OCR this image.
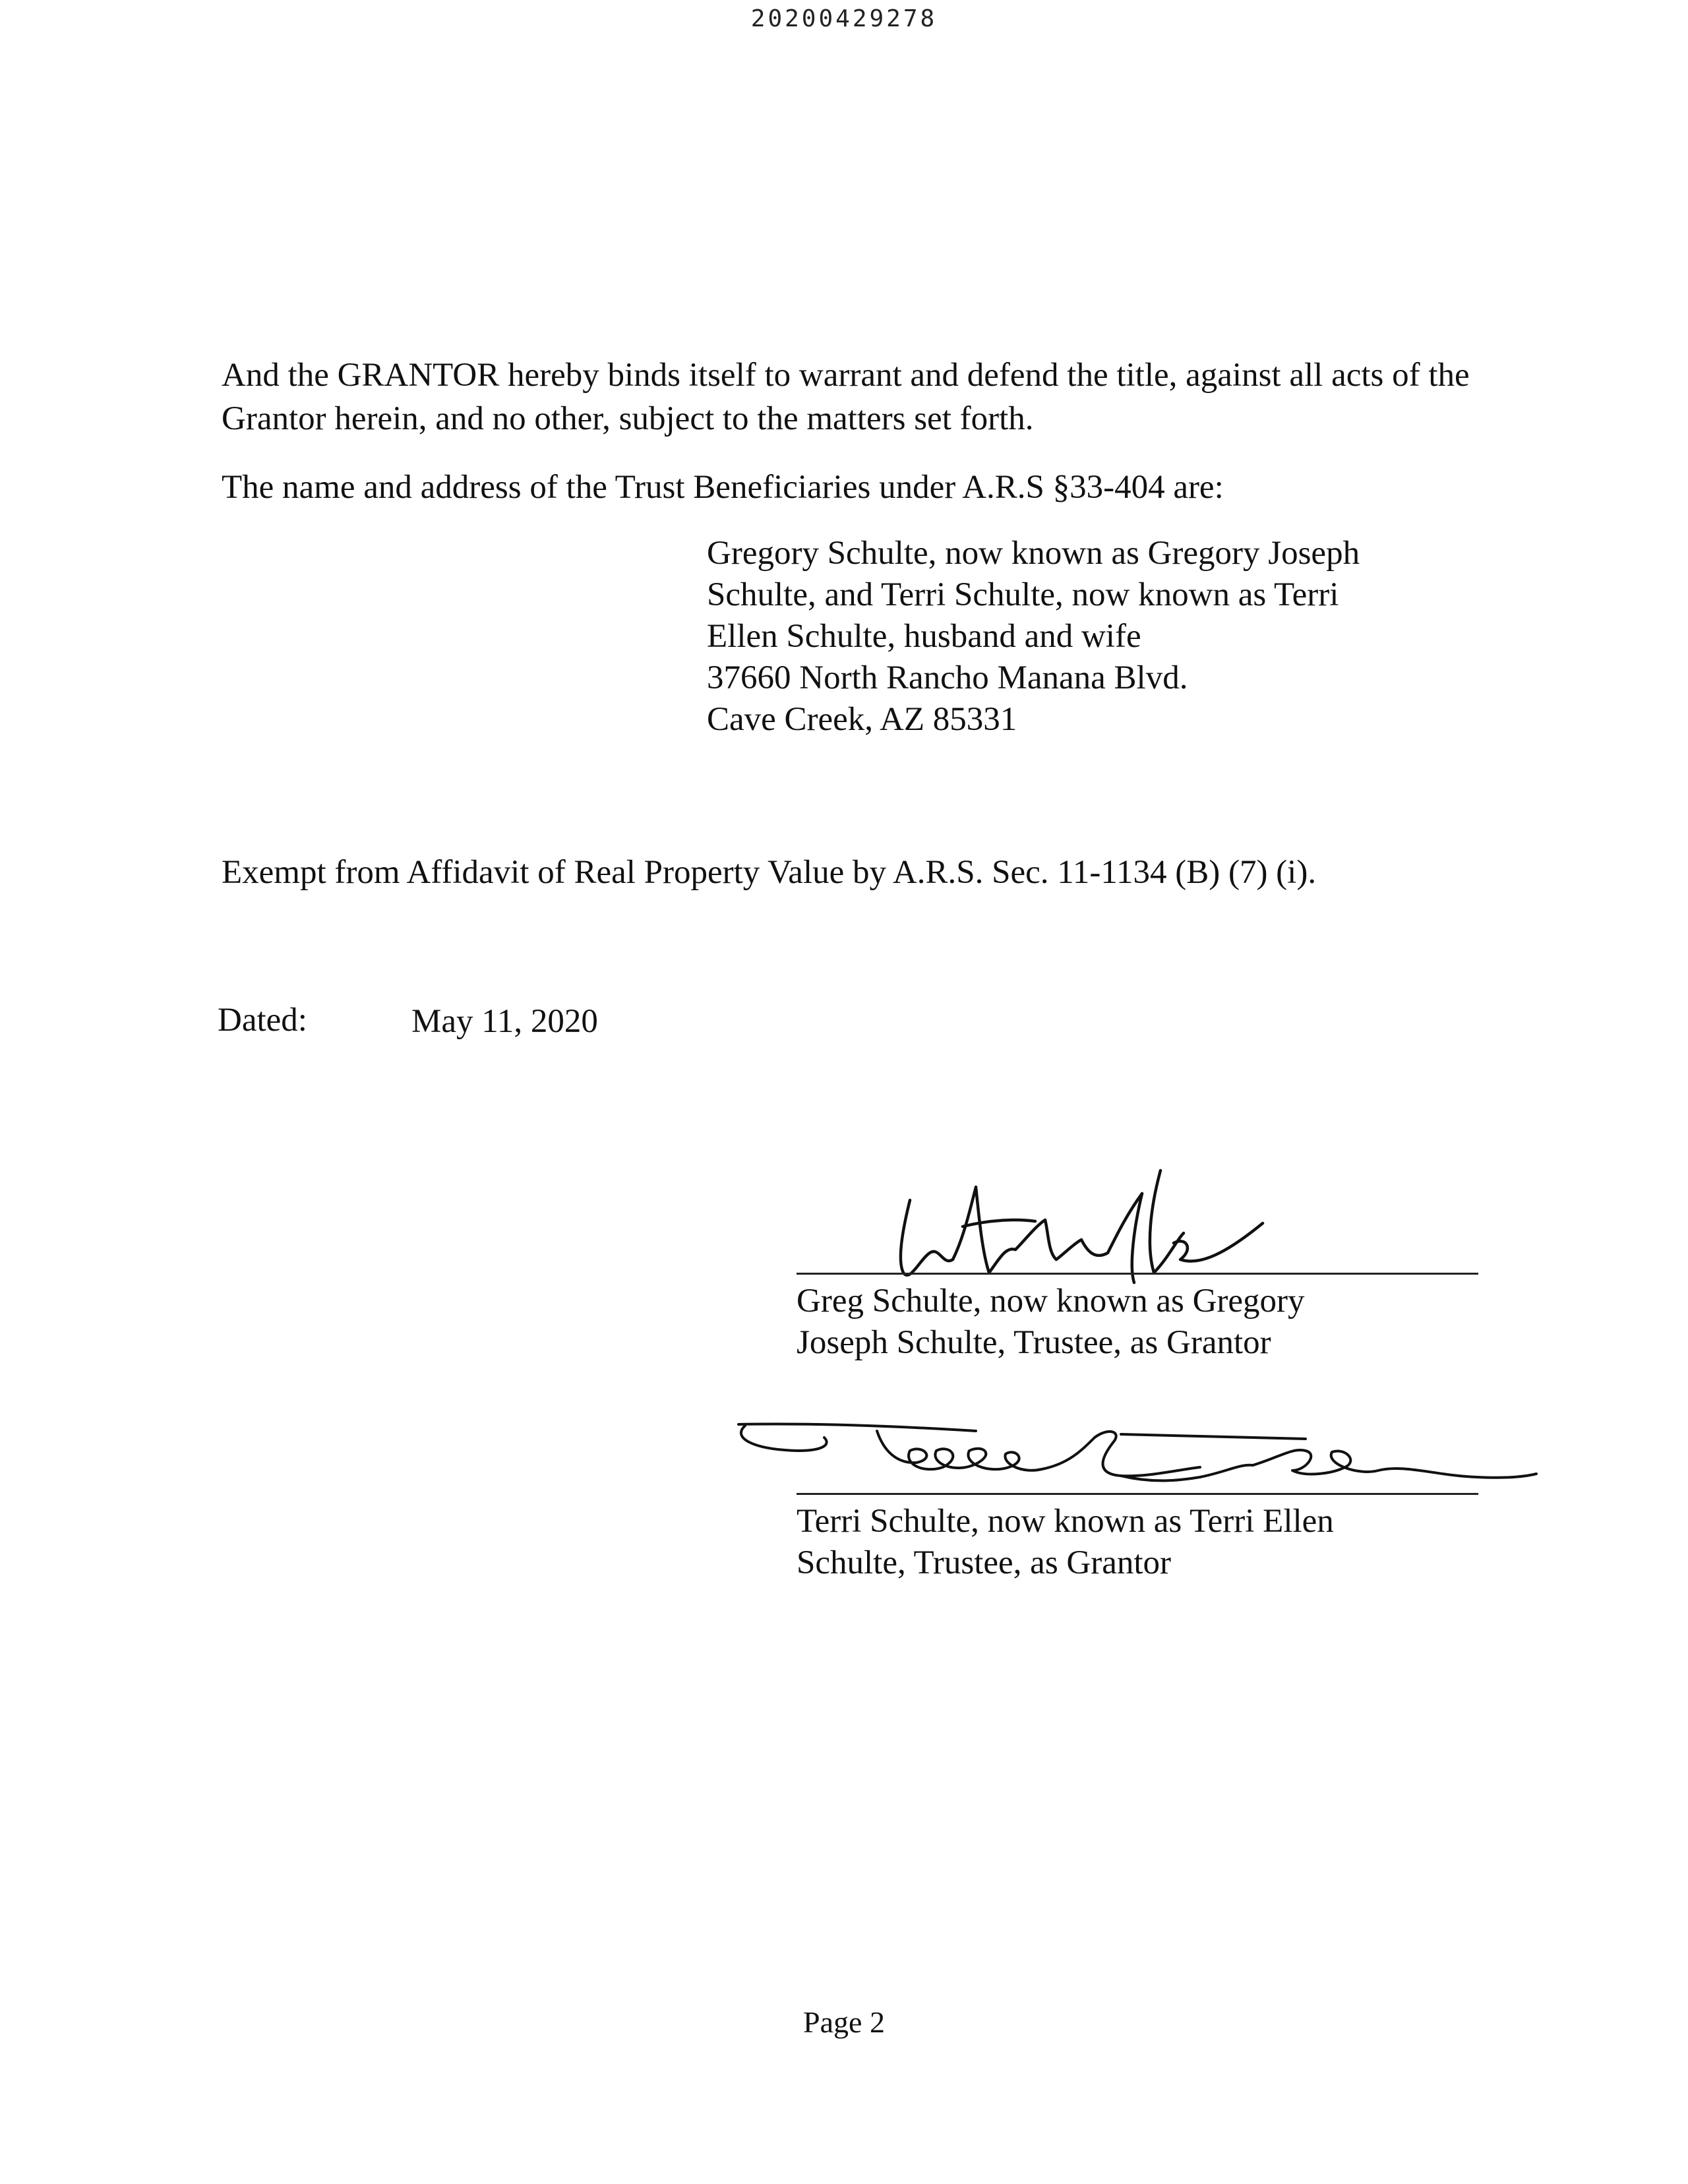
20200429278
And the GRANTOR hereby binds itself to warrant and defend the title, against all acts of the Grantor herein, and no other, subject to the matters set forth.
The name and address of the Trust Beneficiaries under A.R.S §33-404 are:
Gregory Schulte, now known as Gregory Joseph
Schulte, and Terri Schulte, now known as Terri
Ellen Schulte, husband and wife
37660 North Rancho Manana Blvd.
Cave Creek, AZ 85331
Exempt from Affidavit of Real Property Value by A.R.S. Sec. 11-1134 (B) (7) (i).
Dated:	May 11, 2020
Greg Schulte, now known as Gregory
Joseph Schulte, Trustee, as Grantor
Terri Schulte, now known as Terri Ellen
Schulte, Trustee, as Grantor
Page 2
